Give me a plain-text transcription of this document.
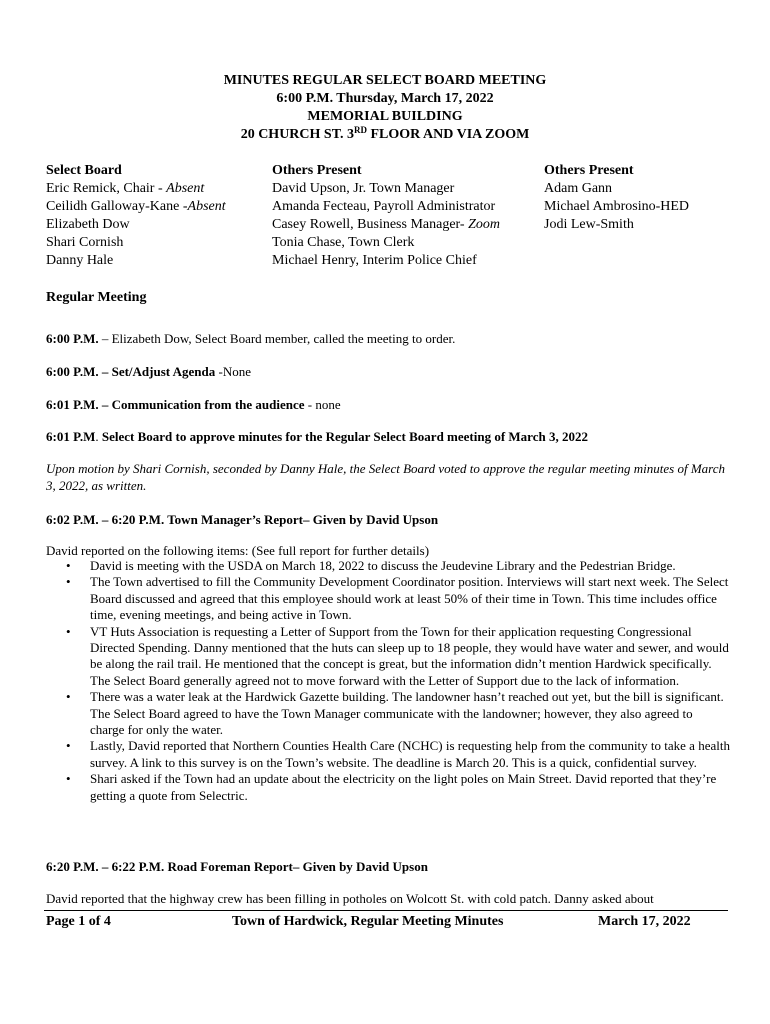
MINUTES REGULAR SELECT BOARD MEETING
6:00 P.M. Thursday, March 17, 2022
MEMORIAL BUILDING
20 CHURCH ST. 3RD FLOOR AND VIA ZOOM
Select Board
Eric Remick, Chair - Absent
Ceilidh Galloway-Kane -Absent
Elizabeth Dow
Shari Cornish
Danny Hale
Others Present
David Upson, Jr. Town Manager
Amanda Fecteau, Payroll Administrator
Casey Rowell, Business Manager- Zoom
Tonia Chase, Town Clerk
Michael Henry, Interim Police Chief
Others Present
Adam Gann
Michael Ambrosino-HED
Jodi Lew-Smith
Regular Meeting
6:00 P.M. – Elizabeth Dow, Select Board member, called the meeting to order.
6:00 P.M. – Set/Adjust Agenda -None
6:01 P.M. – Communication from the audience - none
6:01 P.M. Select Board to approve minutes for the Regular Select Board meeting of March 3, 2022
Upon motion by Shari Cornish, seconded by Danny Hale, the Select Board voted to approve the regular meeting minutes of March 3, 2022, as written.
6:02 P.M. – 6:20 P.M. Town Manager’s Report– Given by David Upson
David reported on the following items: (See full report for further details)
• David is meeting with the USDA on March 18, 2022 to discuss the Jeudevine Library and the Pedestrian Bridge.
• The Town advertised to fill the Community Development Coordinator position. Interviews will start next week. The Select Board discussed and agreed that this employee should work at least 50% of their time in Town. This time includes office time, evening meetings, and being active in Town.
• VT Huts Association is requesting a Letter of Support from the Town for their application requesting Congressional Directed Spending. Danny mentioned that the huts can sleep up to 18 people, they would have water and sewer, and would be along the rail trail. He mentioned that the concept is great, but the information didn’t mention Hardwick specifically. The Select Board generally agreed not to move forward with the Letter of Support due to the lack of information.
• There was a water leak at the Hardwick Gazette building. The landowner hasn’t reached out yet, but the bill is significant. The Select Board agreed to have the Town Manager communicate with the landowner; however, they also agreed to charge for only the water.
• Lastly, David reported that Northern Counties Health Care (NCHC) is requesting help from the community to take a health survey. A link to this survey is on the Town’s website. The deadline is March 20. This is a quick, confidential survey.
• Shari asked if the Town had an update about the electricity on the light poles on Main Street. David reported that they’re getting a quote from Selectric.
6:20 P.M. – 6:22 P.M. Road Foreman Report– Given by David Upson
David reported that the highway crew has been filling in potholes on Wolcott St. with cold patch. Danny asked about
Page 1 of 4	Town of Hardwick, Regular Meeting Minutes	March 17, 2022
